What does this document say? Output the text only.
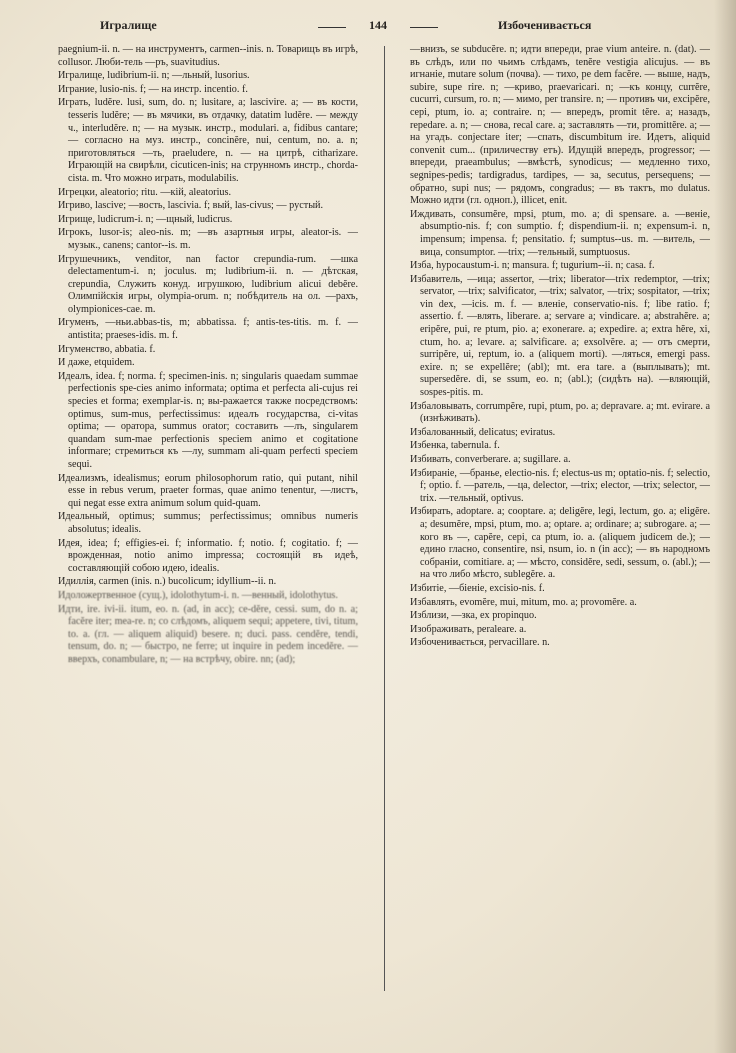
Игралище	144	Избоченивається

paegnium-ii. n. — на инструментъ, carmen--inis. n. Товарищъ въ игрѣ, collusor. Люби-тель —ръ, suavitudius.

Игралище, ludibrium-ii. n; —льный, lusorius.

Играние, lusio-nis. f; — на инстр. incentio. f.

Играть, ludĕre. lusi, sum, do. n; lusitare, a; lascivire. a; — въ кости, tesseris ludĕre; — въ мячики, въ отдачку, datatim ludĕre. — между ч., interludĕre. n; — на музык. инстр., modulari. a, fidibus cantare; — согласно на муз. инстр., concinĕre, nui, centum, no. a. n; приготовляться —ть, praeludere, n. — на цитрѣ, citharizare. Играющій на свирѣли, cicuticen-inis; на струнномъ инстр., chorda-cista. m. Что можно играть, modulabilis.

Игрецки, aleatorio; ritu. —кій, aleatorius.

Игриво, lascive; —вость, lascivia. f; вый, las-civus; — рустый.

Игрище, ludicrum-i. n; —щный, ludicrus.

Игрокъ, lusor-is; aleo-nis. m; —въ азартныя игры, aleator-is. —музык., canens; cantor--is. m.

Игрушечникъ, venditor, nan factor crepundia-rum. —шка delectamentum-i. n; joculus. m; ludibrium-ii. n. — дѣтская, crepundia, Служить конуд. игрушкою, ludibrium alicui debĕre. Олимпійскія игры, olympia-orum. n; побѣдитель на ол. —рахъ, olympionices-cae. m.

Игуменъ, —ньи.abbas-tis, m; abbatissa. f; antis-tes-titis. m. f. — antistita; praeses-idis. m. f.

Игуменство, abbatia. f.

И даже, etquidem.

Идеалъ, idea. f; norma. f; specimen-inis. n; singularis quaedam summae perfectionis spe-cies animo informata; optima et perfecta ali-cujus rei species et forma; exemplar-is. n; вы-ражается также посредствомъ: optimus, sum-mus, perfectissimus: идеалъ государства, ci-vitas optima; — оратора, summus orator; составить —лъ, singularem quandam sum-mae perfectionis speciem animo et cogitatione informare; стремиться къ —лу, summam ali-quam perfecti speciem sequi.

Идеализмъ, idealismus; eorum philosophorum ratio, qui putant, nihil esse in rebus verum, praeter formas, quae animo tenentur, —листъ, qui negat esse extra animum solum quid-quam.

Идеальный, optimus; summus; perfectissimus; omnibus numeris absolutus; idealis.

Идея, idea; f; effigies-ei. f; informatio. f; notio. f; cogitatio. f; — врожденная, notio animo impressa; состоящій въ идеѣ, составляющій собою идею, idealis.

Идиллія, carmen (inis. n.) bucolicum; idyllium--ii. n.

Идоложертвенное (сущ.), idolothytum-i. n. —венный, idolothytus.

Идти, ire. ivi-ii. itum, eo. n. (ad, in acc); ce-dĕre, cessi. sum, do n. a; facĕre iter; mea-re. n; со слѣдомъ, aliquem sequi; appetere, tivi, titum, to. a. (гл. — aliquem aliquid) besere. n; duci. pass. cendĕre, tendi, tensum, do. n; — быстро, ne ferre; ut inquire in pedem incedĕre. — вверхъ, conambulare, n; — на встрѣчу, obire. nn; (ad);

—внизъ, se subducĕre. n; идти впереди, prae vium anteire. n. (dat). — въ слѣдъ, или по чьимъ слѣдамъ, tenĕre vestigia alicujus. — въ игнаніе, mutare solum (почва). — тихо, pe dem facĕre. — выше, надъ, subire, supe rire. n; —криво, praevaricari. n; —къ концу, currĕre, cucurri, cursum, ro. n; — мимо, per transire. n; — противъ чи, excipĕre, cepi, ptum, io. a; contraire. n; — впередъ, promit tĕre. a; назадъ, repedare. a. n; — снова, recal care. a; заставлять —ти, promittĕre. a; — на угадъ. conjectare iter; —спать, discumbitum ire. Идетъ, aliquid convenit cum... (приличеству етъ). Идущій впередъ, progressor; — впереди, praeambulus; —вмѣстѣ, synodicus; — медленно тихо, segnipes-pedis; tardigradus, tardipes, — за, secutus, persequens; — обратно, supi nus; — рядомъ, congradus; — въ тактъ, mo dulatus. Можно идти (гл. одноп.), illicet, enit.

Иждивать, consumĕre, mpsi, ptum, mo. a; di spensare. a. —веніе, absumptio-nis. f; con sumptio. f; dispendium-ii. n; expensum-i. n, impensum; impensa. f; pensitatio. f; sumptus--us. m. —витель, —вица, consumptor. —trix; —тельный, sumptuosus.

Изба, hypocaustum-i. n; mansura. f; tugurium--ii. n; casa. f.

Избавитель, —ица; assertor, —trix; liberator—trix redemptor, —trix; servator, —trix; salvificator, —trix; salvator, —trix; sospitator, —trix; vin dex, —icis. m. f. — вленіе, conservatio-nis. f; libe ratio. f; assertio. f. —влять, liberare. a; servare a; vindicare. a; abstrahĕre. a; eripĕre, pui, re ptum, pio. a; exonerare. a; expedire. a; extra hĕre, xi, ctum, ho. a; levare. a; salvificare. a; exsolvĕre. a; — отъ смерти, surripĕre, ui, reptum, io. a (aliquem morti). —ляться, emergi pass. exire. n; se expellĕre; (abl); mt. era tare. a (выплывать); mt. supersedĕre. di, se ssum, eo. n; (abl.); (сидѣть на). —вляющій, sospes-pitis. m.

Избаловывать, corrumpĕre, rupi, ptum, po. a; depravare. a; mt. evirare. a (изнѣживать).

Избалованный, delicatus; eviratus.

Избенка, tabernula. f.

Избивать, converberare. a; sugillare. a.

Избираніе, —бранье, electio-nis. f; electus-us m; optatio-nis. f; selectio, f; optio. f. —ратель, —ца, delector, —trix; elector, —trix; selector, —trix. —тельный, optivus.

Избирать, adoptare. a; cooptare. a; deligĕre, legi, lectum, go. a; eligĕre. a; desumĕre, mpsi, ptum, mo. a; optare. a; ordinare; a; subrogare. a; — кого въ —, capĕre, cepi, ca ptum, io. a. (aliquem judicem de.); — едино гласно, consentire, nsi, nsum, io. n (in acc); — въ народномъ собраніи, comitiare. a; — мѣсто, considĕre, sedi, sessum, o. (abl.); — на что либо мѣсто, sublegĕre. a.

Избитіе, —біеніе, excisio-nis. f.

Избавлять, evomĕre, mui, mitum, mo. a; provomĕre. a.

Изблизи, —зка, ex propinquo.

Изображивать, peraleare. a.

Избоченивається, pervacillare. n.
